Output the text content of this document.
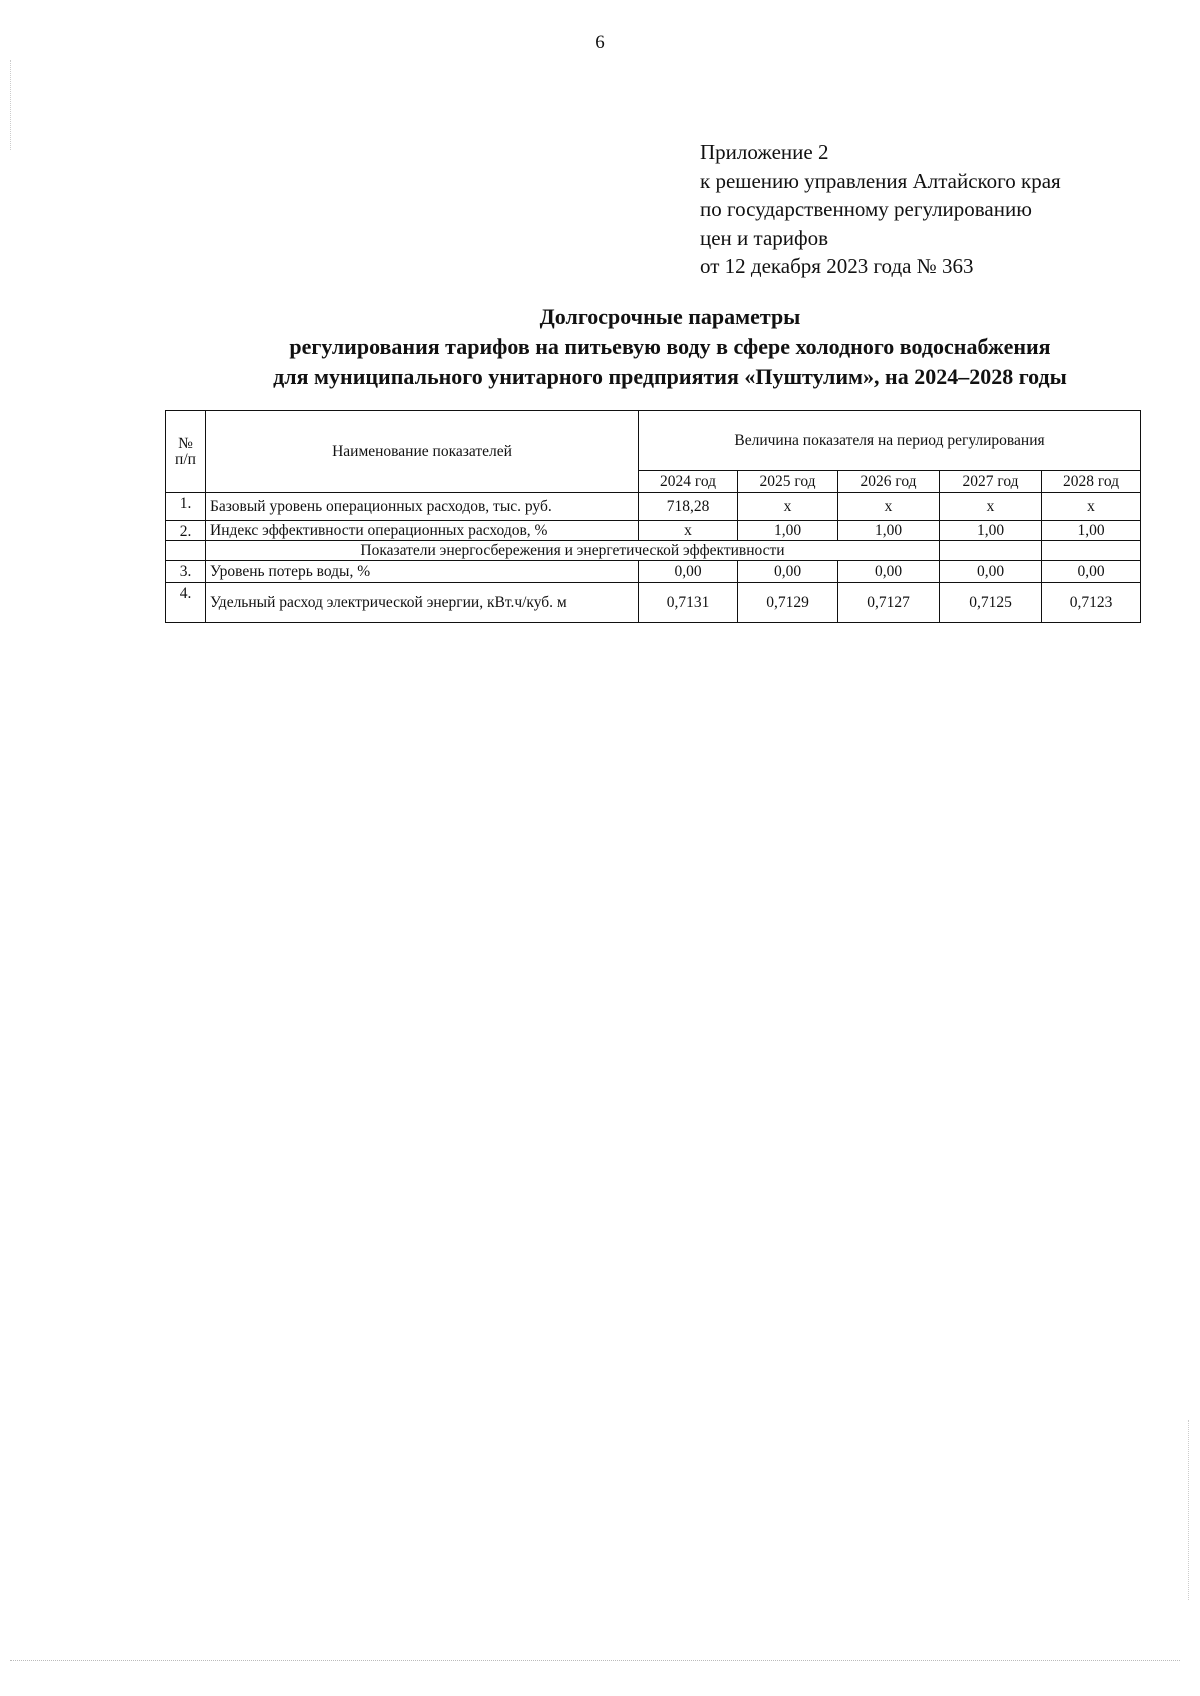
6
Приложение 2
к решению управления Алтайского края
по государственному регулированию
цен и тарифов
от 12 декабря 2023 года № 363
Долгосрочные параметры
регулирования тарифов на питьевую воду в сфере холодного водоснабжения
для муниципального унитарного предприятия «Пуштулим», на 2024–2028 годы
№ п/п	Наименование показателей	Величина показателя на период регулирования				
		2024 год	2025 год	2026 год	2027 год	2028 год
1.	Базовый уровень операционных расходов, тыс. руб.	718,28	x	x	x	x
2.	Индекс эффективности операционных расходов, %	x	1,00	1,00	1,00	1,00
	Показатели энергосбережения и энергетической эффективности					
3.	Уровень потерь воды, %	0,00	0,00	0,00	0,00	0,00
4.	Удельный расход электрической энергии, кВт.ч/куб. м	0,7131	0,7129	0,7127	0,7125	0,7123
